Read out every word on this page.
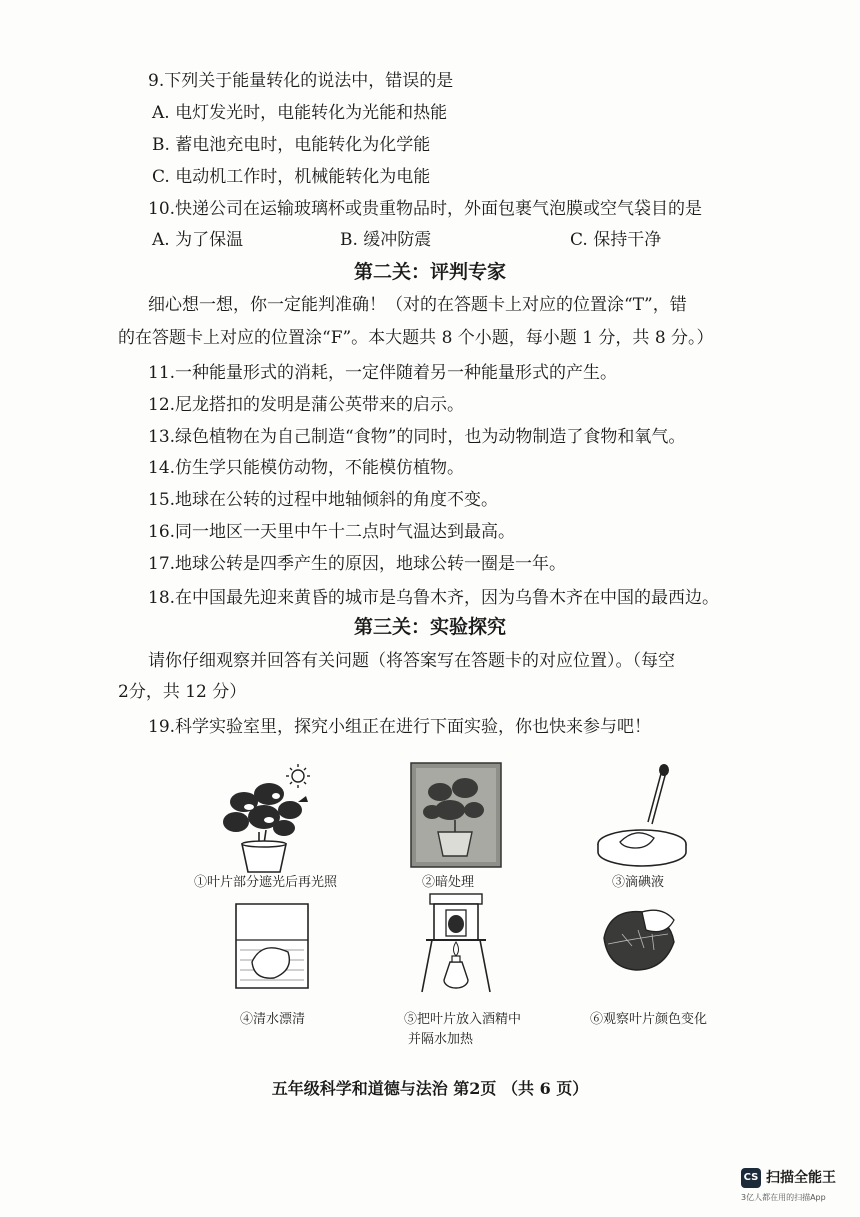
9.下列关于能量转化的说法中，错误的是
A. 电灯发光时，电能转化为光能和热能
B. 蓄电池充电时，电能转化为化学能
C. 电动机工作时，机械能转化为电能
10.快递公司在运输玻璃杯或贵重物品时，外面包裹气泡膜或空气袋目的是
A. 为了保温	B. 缓冲防震	C. 保持干净
第二关：评判专家
细心想一想，你一定能判准确！（对的在答题卡上对应的位置涂“T”，错
的在答题卡上对应的位置涂“F”。本大题共 8 个小题，每小题 1 分，共 8 分。）
11.一种能量形式的消耗，一定伴随着另一种能量形式的产生。
12.尼龙搭扣的发明是蒲公英带来的启示。
13.绿色植物在为自己制造“食物”的同时，也为动物制造了食物和氧气。
14.仿生学只能模仿动物，不能模仿植物。
15.地球在公转的过程中地轴倾斜的角度不变。
16.同一地区一天里中午十二点时气温达到最高。
17.地球公转是四季产生的原因，地球公转一圈是一年。
18.在中国最先迎来黄昏的城市是乌鲁木齐，因为乌鲁木齐在中国的最西边。
第三关：实验探究
请你仔细观察并回答有关问题（将答案写在答题卡的对应位置）。（每空
2分，共 12 分）
19.科学实验室里，探究小组正在进行下面实验，你也快来参与吧！
①叶片部分遮光后再光照	②暗处理	③滴碘液
④清水漂清	⑤把叶片放入酒精中
并隔水加热
⑥观察叶片颜色变化
五年级科学和道德与法治 第2页 （共 6 页）
CS 扫描全能王
3亿人都在用的扫描App
